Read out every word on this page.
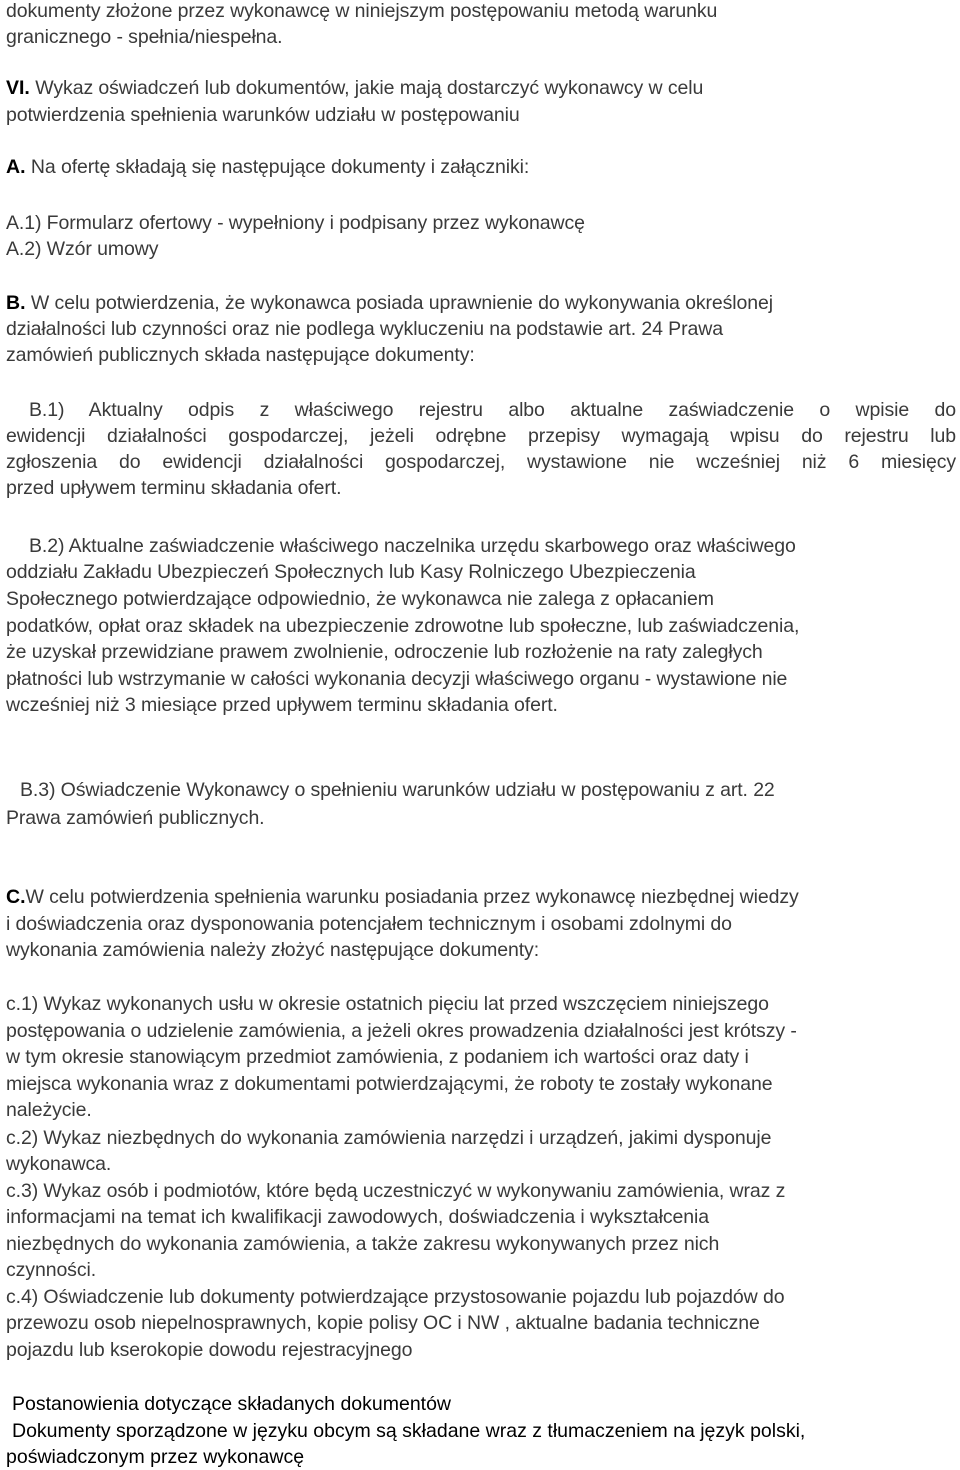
dokumenty złożone przez wykonawcę w niniejszym postępowaniu metodą warunku
granicznego - spełnia/niespełna.
VI. Wykaz oświadczeń lub dokumentów, jakie mają dostarczyć wykonawcy w celu
potwierdzenia spełnienia warunków udziału w postępowaniu
A. Na ofertę składają się następujące dokumenty i załączniki:
A.1) Formularz ofertowy - wypełniony i podpisany przez wykonawcę
A.2) Wzór umowy
B. W celu potwierdzenia, że wykonawca posiada uprawnienie do wykonywania określonej
działalności lub czynności oraz nie podlega wykluczeniu na podstawie art. 24 Prawa
zamówień publicznych składa następujące dokumenty:
B.1) Aktualny odpis z właściwego rejestru albo aktualne zaświadczenie o wpisie do
ewidencji działalności gospodarczej, jeżeli odrębne przepisy wymagają wpisu do rejestru lub
zgłoszenia do ewidencji działalności gospodarczej, wystawione nie wcześniej niż 6 miesięcy
przed upływem terminu składania ofert.
B.2) Aktualne zaświadczenie właściwego naczelnika urzędu skarbowego oraz właściwego
oddziału Zakładu Ubezpieczeń Społecznych lub Kasy Rolniczego Ubezpieczenia
Społecznego potwierdzające odpowiednio, że wykonawca nie zalega z opłacaniem
podatków, opłat oraz składek na ubezpieczenie zdrowotne lub społeczne, lub zaświadczenia,
że uzyskał przewidziane prawem zwolnienie, odroczenie lub rozłożenie na raty zaległych
płatności lub wstrzymanie w całości wykonania decyzji właściwego organu - wystawione nie
wcześniej niż 3 miesiące przed upływem terminu składania ofert.
B.3) Oświadczenie Wykonawcy o spełnieniu warunków udziału w postępowaniu z art. 22
Prawa zamówień publicznych.
C.W celu potwierdzenia spełnienia warunku posiadania przez wykonawcę niezbędnej wiedzy
i doświadczenia oraz dysponowania potencjałem technicznym i osobami zdolnymi do
wykonania zamówienia należy złożyć następujące dokumenty:
c.1) Wykaz wykonanych usłu w okresie ostatnich pięciu lat przed wszczęciem niniejszego
postępowania o udzielenie zamówienia, a jeżeli okres prowadzenia działalności jest krótszy -
w tym okresie stanowiącym przedmiot zamówienia, z podaniem ich wartości oraz daty i
miejsca wykonania wraz z dokumentami potwierdzającymi, że roboty te zostały wykonane
należycie.
c.2) Wykaz niezbędnych do wykonania zamówienia narzędzi i urządzeń, jakimi dysponuje
wykonawca.
c.3) Wykaz osób i podmiotów, które będą uczestniczyć w wykonywaniu zamówienia, wraz z
informacjami na temat ich kwalifikacji zawodowych, doświadczenia i wykształcenia
niezbędnych do wykonania zamówienia, a także zakresu wykonywanych przez nich
czynności.
c.4) Oświadczenie lub dokumenty potwierdzające przystosowanie pojazdu lub pojazdów do
przewozu osob niepelnosprawnych, kopie polisy OC i NW , aktualne badania techniczne
pojazdu lub kserokopie dowodu rejestracyjnego
Postanowienia dotyczące składanych dokumentów
Dokumenty sporządzone w języku obcym są składane wraz z tłumaczeniem na język polski,
poświadczonym przez wykonawcę
